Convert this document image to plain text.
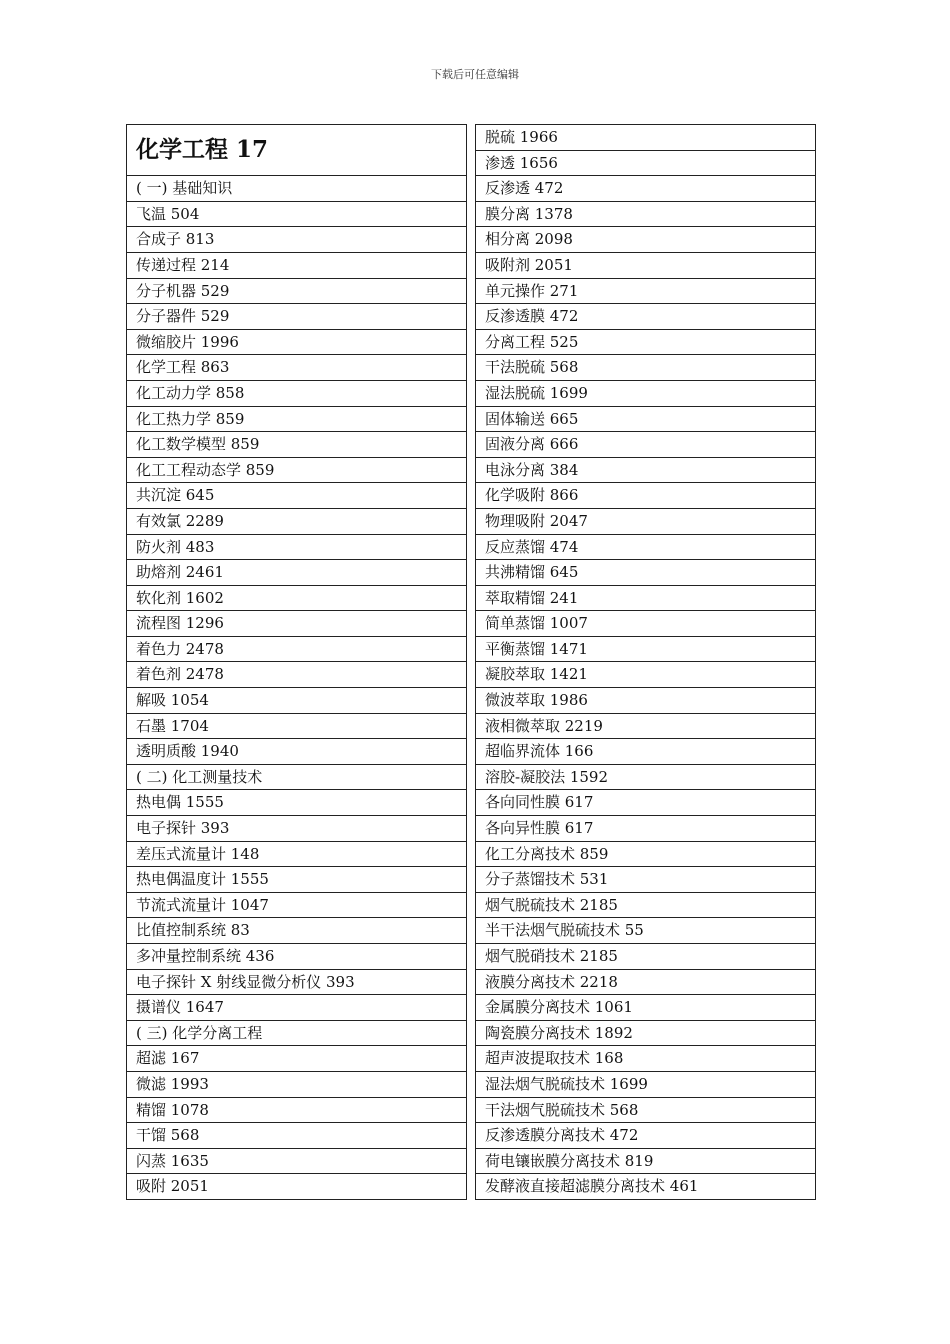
下载后可任意编辑
化学工程 17
( 一) 基础知识
飞温 504
合成子 813
传递过程 214
分子机器 529
分子器件 529
微缩胶片 1996
化学工程 863
化工动力学 858
化工热力学 859
化工数学模型 859
化工工程动态学 859
共沉淀 645
有效氯 2289
防火剂 483
助熔剂 2461
软化剂 1602
流程图 1296
着色力 2478
着色剂 2478
解吸 1054
石墨 1704
透明质酸 1940
( 二) 化工测量技术
热电偶 1555
电子探针 393
差压式流量计 148
热电偶温度计 1555
节流式流量计 1047
比值控制系统 83
多冲量控制系统 436
电子探针 X 射线显微分析仪 393
摄谱仪 1647
( 三) 化学分离工程
超滤 167
微滤 1993
精馏 1078
干馏 568
闪蒸 1635
吸附 2051
脱硫 1966
渗透 1656
反渗透 472
膜分离 1378
相分离 2098
吸附剂 2051
单元操作 271
反渗透膜 472
分离工程 525
干法脱硫 568
湿法脱硫 1699
固体输送 665
固液分离 666
电泳分离 384
化学吸附 866
物理吸附 2047
反应蒸馏 474
共沸精馏 645
萃取精馏 241
简单蒸馏 1007
平衡蒸馏 1471
凝胶萃取 1421
微波萃取 1986
液相微萃取 2219
超临界流体 166
溶胶-凝胶法 1592
各向同性膜 617
各向异性膜 617
化工分离技术 859
分子蒸馏技术 531
烟气脱硫技术 2185
半干法烟气脱硫技术 55
烟气脱硝技术 2185
液膜分离技术 2218
金属膜分离技术 1061
陶瓷膜分离技术 1892
超声波提取技术 168
湿法烟气脱硫技术 1699
干法烟气脱硫技术 568
反渗透膜分离技术 472
荷电镶嵌膜分离技术 819
发酵液直接超滤膜分离技术 461
